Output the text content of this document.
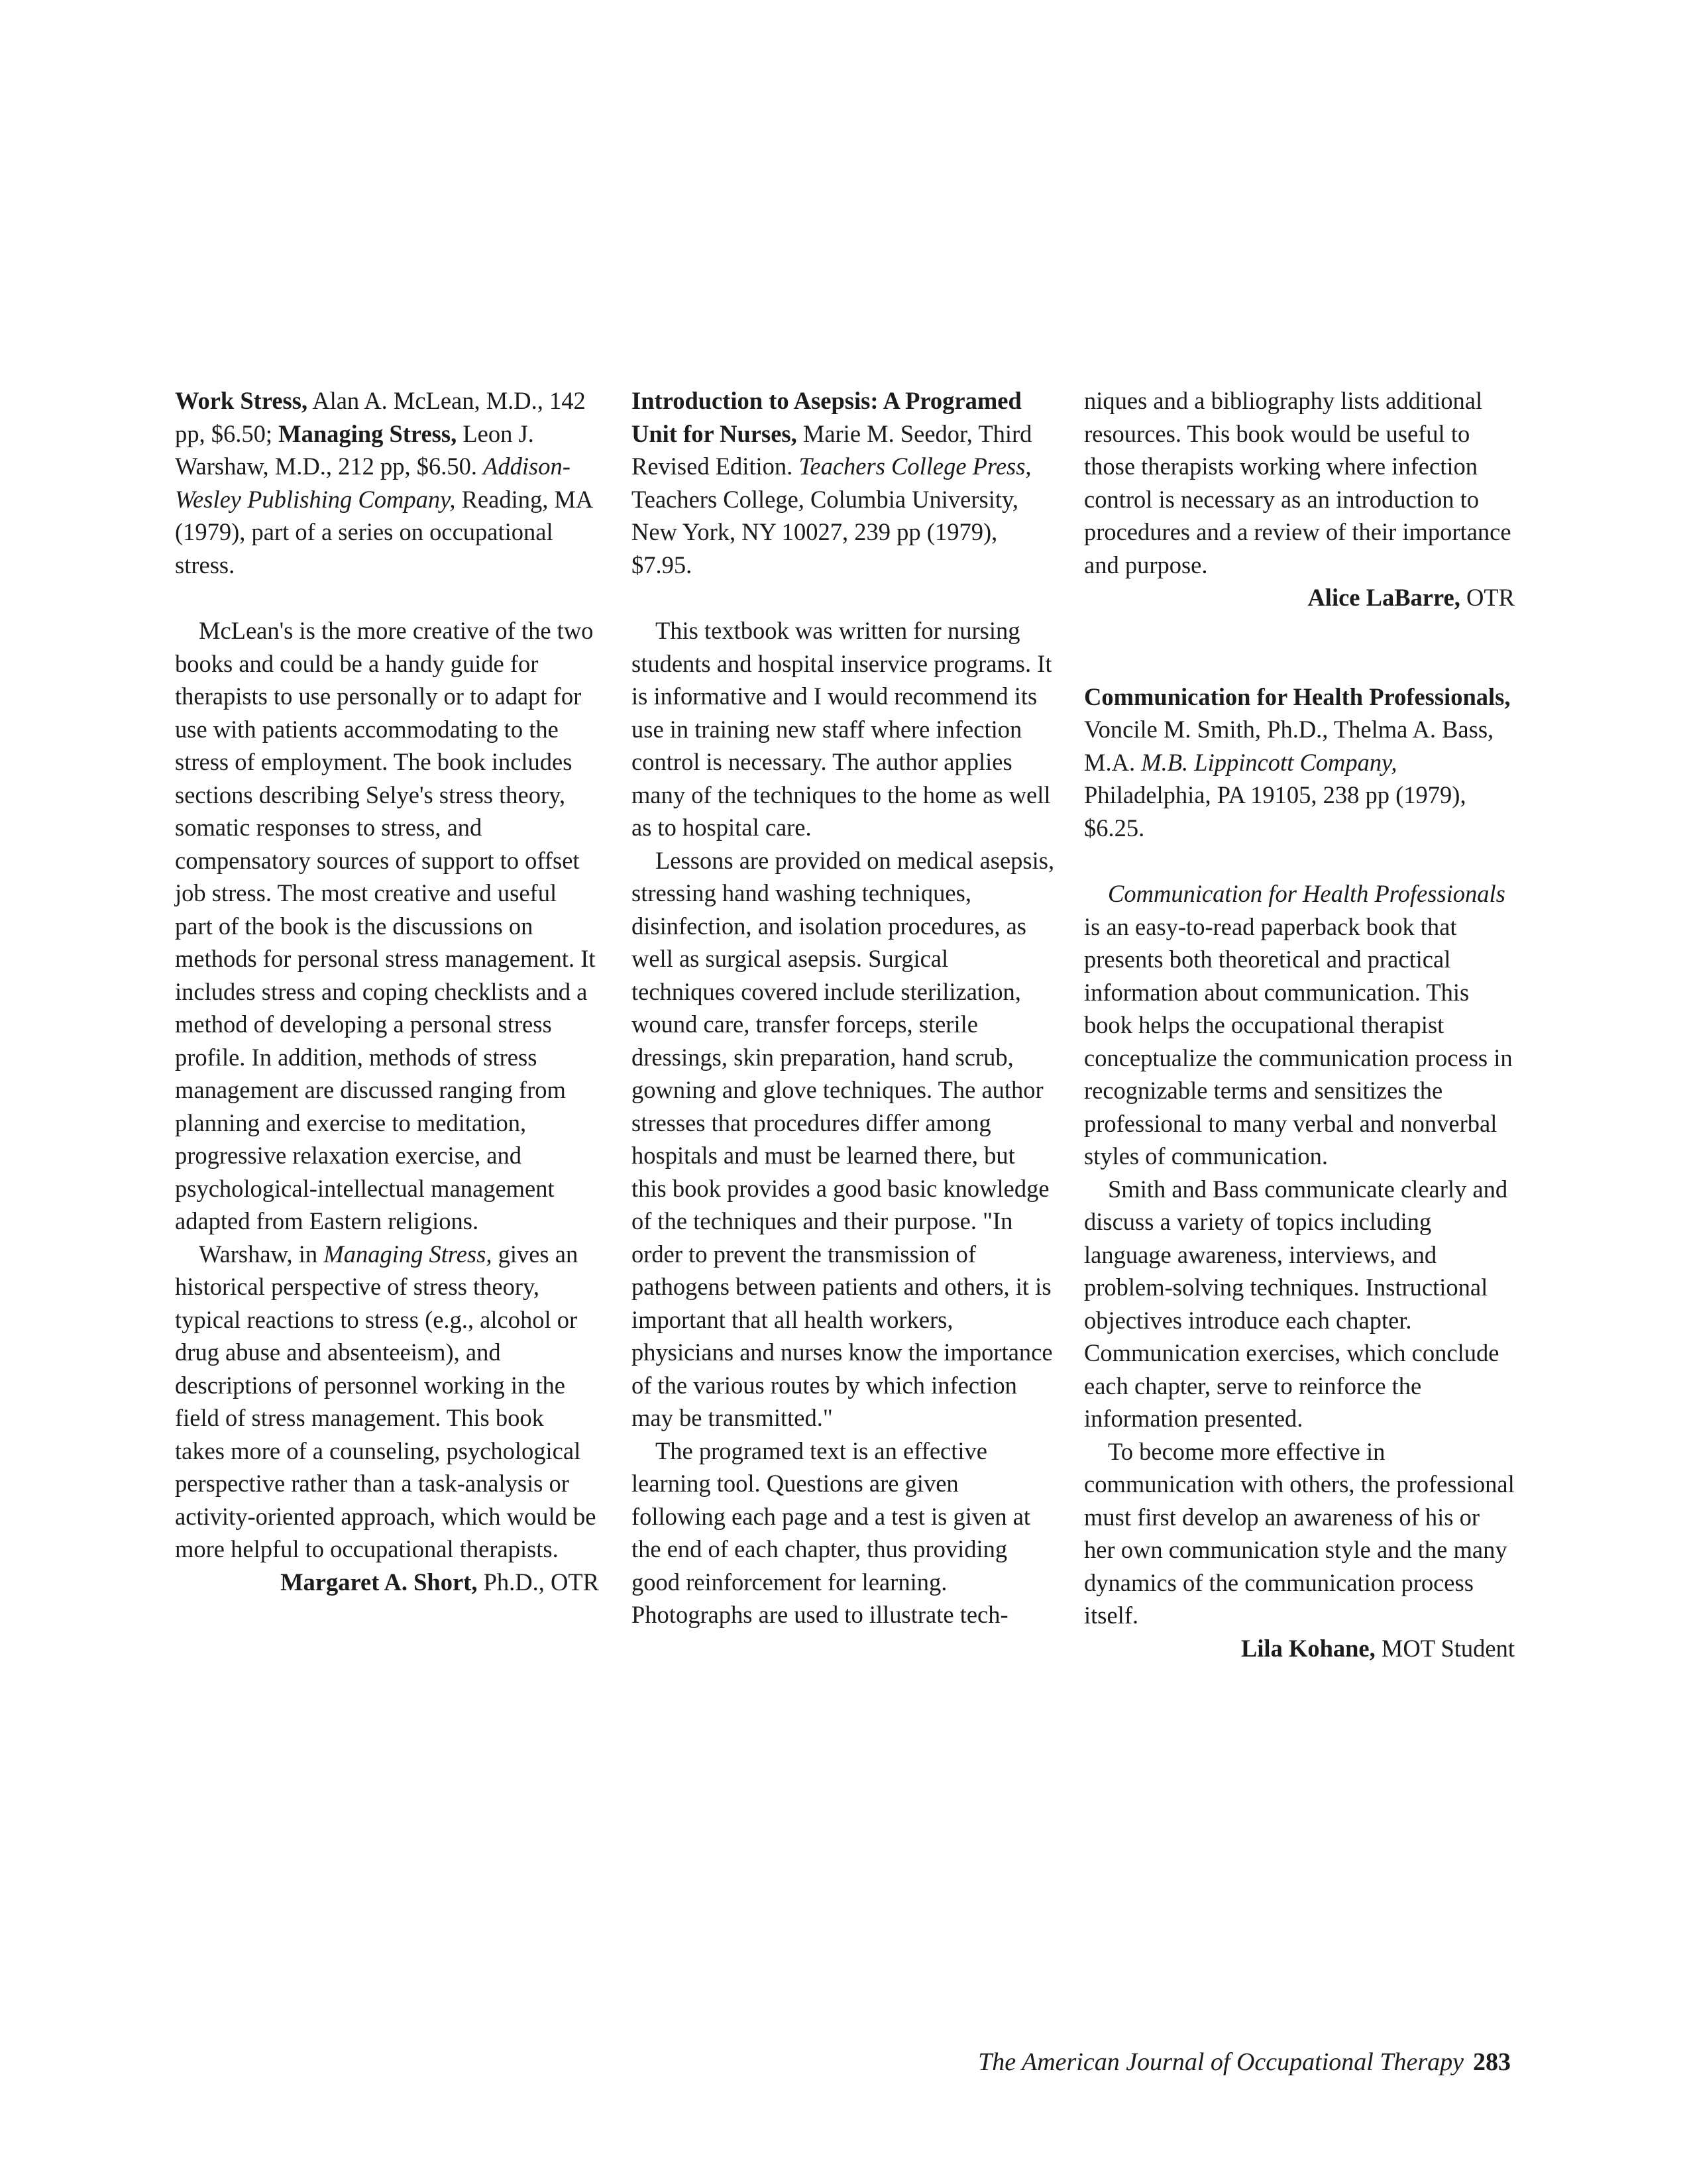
Work Stress, Alan A. McLean, M.D., 142 pp, $6.50; Managing Stress, Leon J. Warshaw, M.D., 212 pp, $6.50. Addison-Wesley Publishing Company, Reading, MA (1979), part of a series on occupational stress.

McLean's is the more creative of the two books and could be a handy guide for therapists to use personally or to adapt for use with patients accommodating to the stress of employment. The book includes sections describing Selye's stress theory, somatic responses to stress, and compensatory sources of support to offset job stress. The most creative and useful part of the book is the discussions on methods for personal stress management. It includes stress and coping checklists and a method of developing a personal stress profile. In addition, methods of stress management are discussed ranging from planning and exercise to meditation, progressive relaxation exercise, and psychological-intellectual management adapted from Eastern religions.

Warshaw, in Managing Stress, gives an historical perspective of stress theory, typical reactions to stress (e.g., alcohol or drug abuse and absenteeism), and descriptions of personnel working in the field of stress management. This book takes more of a counseling, psychological perspective rather than a task-analysis or activity-oriented approach, which would be more helpful to occupational therapists.

Margaret A. Short, Ph.D., OTR

Introduction to Asepsis: A Programed Unit for Nurses, Marie M. Seedor, Third Revised Edition. Teachers College Press, Teachers College, Columbia University, New York, NY 10027, 239 pp (1979), $7.95.

This textbook was written for nursing students and hospital inservice programs. It is informative and I would recommend its use in training new staff where infection control is necessary. The author applies many of the techniques to the home as well as to hospital care.

Lessons are provided on medical asepsis, stressing hand washing techniques, disinfection, and isolation procedures, as well as surgical asepsis. Surgical techniques covered include sterilization, wound care, transfer forceps, sterile dressings, skin preparation, hand scrub, gowning and glove techniques. The author stresses that procedures differ among hospitals and must be learned there, but this book provides a good basic knowledge of the techniques and their purpose. "In order to prevent the transmission of pathogens between patients and others, it is important that all health workers, physicians and nurses know the importance of the various routes by which infection may be transmitted."

The programed text is an effective learning tool. Questions are given following each page and a test is given at the end of each chapter, thus providing good reinforcement for learning. Photographs are used to illustrate tech-

niques and a bibliography lists additional resources. This book would be useful to those therapists working where infection control is necessary as an introduction to procedures and a review of their importance and purpose.

Alice LaBarre, OTR

Communication for Health Professionals, Voncile M. Smith, Ph.D., Thelma A. Bass, M.A. M.B. Lippincott Company, Philadelphia, PA 19105, 238 pp (1979), $6.25.

Communication for Health Professionals is an easy-to-read paperback book that presents both theoretical and practical information about communication. This book helps the occupational therapist conceptualize the communication process in recognizable terms and sensitizes the professional to many verbal and nonverbal styles of communication.

Smith and Bass communicate clearly and discuss a variety of topics including language awareness, interviews, and problem-solving techniques. Instructional objectives introduce each chapter. Communication exercises, which conclude each chapter, serve to reinforce the information presented.

To become more effective in communication with others, the professional must first develop an awareness of his or her own communication style and the many dynamics of the communication process itself.

Lila Kohane, MOT Student

The American Journal of Occupational Therapy 283
